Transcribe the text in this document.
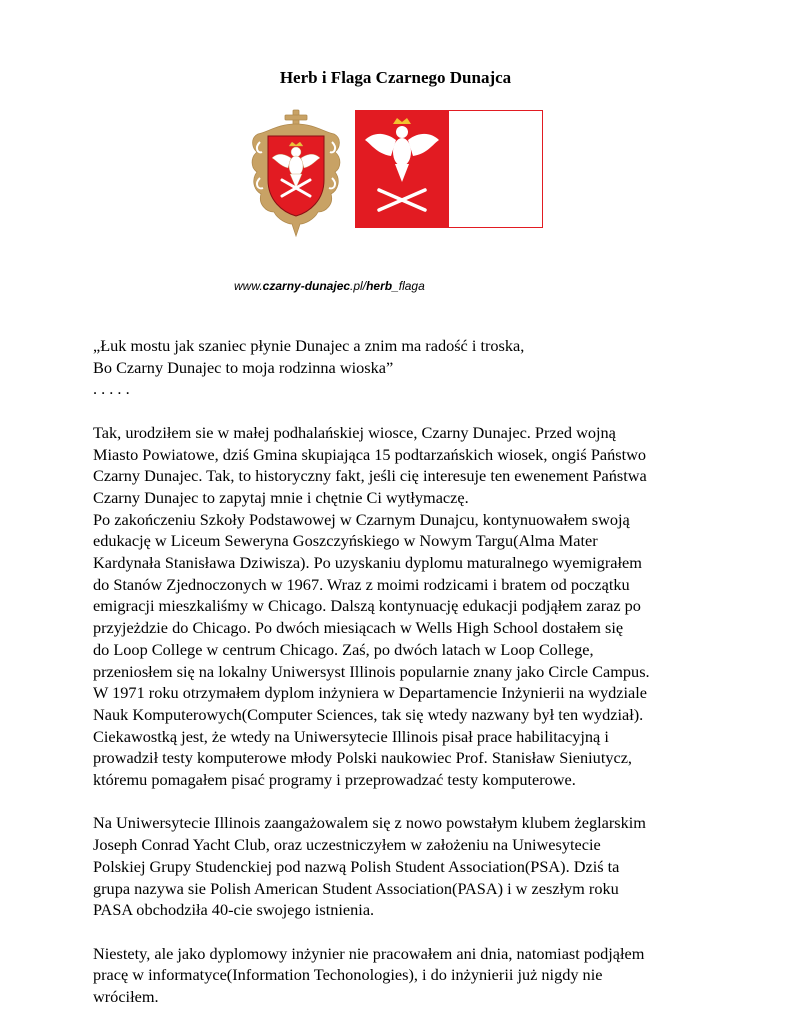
Herb i Flaga Czarnego Dunajca
www.czarny-dunajec.pl/herb_flaga

„Łuk mostu jak szaniec płynie Dunajec a znim ma radość i troska,

Bo Czarny Dunajec to moja rodzinna wioska”

. . . . .

Tak, urodziłem sie w małej podhalańskiej wiosce, Czarny Dunajec. Przed wojną

Miasto Powiatowe, dziś Gmina skupiająca 15 podtarzańskich wiosek, ongiś Państwo

Czarny Dunajec. Tak, to historyczny fakt, jeśli cię interesuje ten ewenement Państwa

Czarny Dunajec to zapytaj mnie i chętnie Ci wytłymaczę.

Po zakończeniu Szkoły Podstawowej w Czarnym Dunajcu, kontynuowałem swoją

edukację w Liceum Seweryna Goszczyńskiego w Nowym Targu(Alma Mater

Kardynała Stanisława Dziwisza). Po uzyskaniu dyplomu maturalnego wyemigrałem

do Stanów Zjednoczonych w 1967. Wraz z moimi rodzicami i bratem od początku

emigracji mieszkaliśmy w Chicago. Dalszą kontynuację edukacji podjąłem zaraz po

przyjeżdzie do Chicago. Po dwóch miesiącach w Wells High School dostałem się

do Loop College w centrum Chicago. Zaś, po dwóch latach w Loop College,

przeniosłem się na lokalny Uniwersyst Illinois popularnie znany jako Circle Campus.

W 1971 roku otrzymałem dyplom inżyniera w Departamencie Inżynierii na wydziale

Nauk Komputerowych(Computer Sciences, tak się wtedy nazwany był ten wydział).

Ciekawostką jest, że wtedy na Uniwersytecie Illinois pisał prace habilitacyjną i

prowadził testy komputerowe młody Polski naukowiec Prof. Stanisław Sieniutycz,

któremu pomagałem pisać programy i przeprowadzać testy komputerowe.

Na Uniwersytecie Illinois zaangażowalem się z nowo powstałym klubem żeglarskim

Joseph Conrad Yacht Club, oraz uczestniczyłem w założeniu na Uniwesytecie

Polskiej Grupy Studenckiej pod nazwą Polish Student Association(PSA). Dziś ta

grupa nazywa sie Polish American Student Association(PASA) i w zeszłym roku

PASA obchodziła 40-cie swojego istnienia.

Niestety, ale jako dyplomowy inżynier nie pracowałem ani dnia, natomiast podjąłem

pracę w informatyce(Information Techonologies), i do inżynierii już nigdy nie

wróciłem.
